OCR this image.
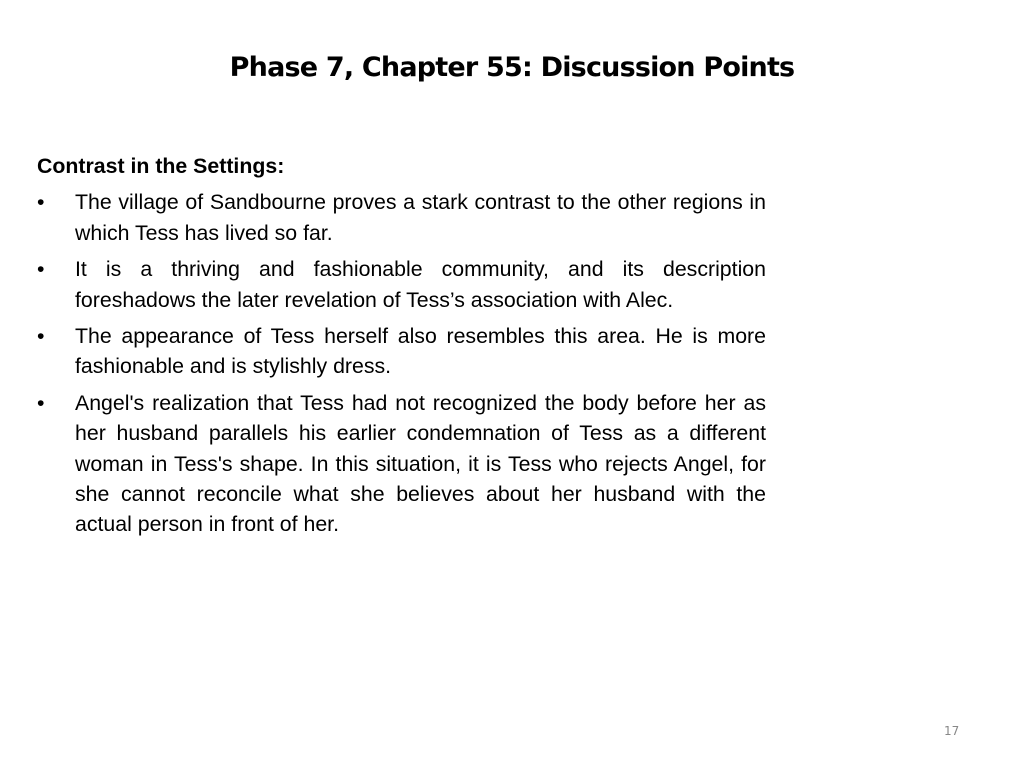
Phase 7, Chapter 55: Discussion Points
Contrast in the Settings:
• The village of Sandbourne proves a stark contrast to the other regions in which Tess has lived so far.
• It is a thriving and fashionable community, and its description foreshadows the later revelation of Tess’s association with Alec.
• The appearance of Tess herself also resembles this area. He is more fashionable and is stylishly dress.
• Angel's realization that Tess had not recognized the body before her as her husband parallels his earlier condemnation of Tess as a different woman in Tess's shape. In this situation, it is Tess who rejects Angel, for she cannot reconcile what she believes about her husband with the actual person in front of her.
17
